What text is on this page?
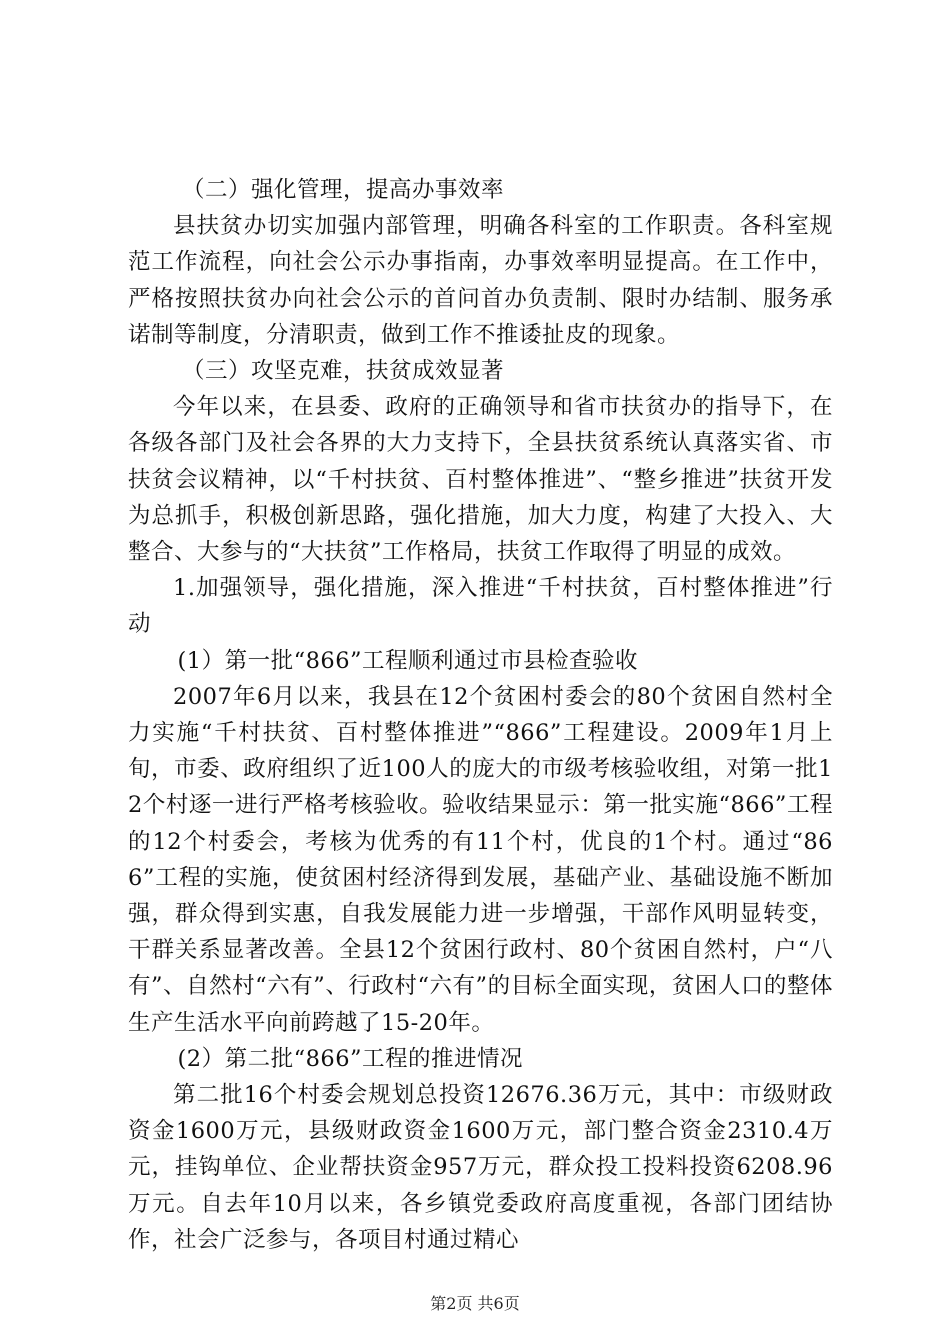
（二）强化管理，提高办事效率

县扶贫办切实加强内部管理，明确各科室的工作职责。各科室规范工作流程，向社会公示办事指南，办事效率明显提高。在工作中，严格按照扶贫办向社会公示的首问首办负责制、限时办结制、服务承诺制等制度，分清职责，做到工作不推诿扯皮的现象。

（三）攻坚克难，扶贫成效显著

今年以来，在县委、政府的正确领导和省市扶贫办的指导下，在各级各部门及社会各界的大力支持下，全县扶贫系统认真落实省、市扶贫会议精神，以“千村扶贫、百村整体推进”、“整乡推进”扶贫开发为总抓手，积极创新思路，强化措施，加大力度，构建了大投入、大整合、大参与的“大扶贫”工作格局，扶贫工作取得了明显的成效。

1.加强领导，强化措施，深入推进“千村扶贫，百村整体推进”行动

(1）第一批“866”工程顺利通过市县检查验收

2007年6月以来，我县在12个贫困村委会的80个贫困自然村全力实施“千村扶贫、百村整体推进”“866”工程建设。2009年1月上旬，市委、政府组织了近100人的庞大的市级考核验收组，对第一批12个村逐一进行严格考核验收。验收结果显示：第一批实施“866”工程的12个村委会，考核为优秀的有11个村，优良的1个村。通过“866”工程的实施，使贫困村经济得到发展，基础产业、基础设施不断加强，群众得到实惠，自我发展能力进一步增强，干部作风明显转变，干群关系显著改善。全县12个贫困行政村、80个贫困自然村，户“八有”、自然村“六有”、行政村“六有”的目标全面实现，贫困人口的整体生产生活水平向前跨越了15-20年。

(2）第二批“866”工程的推进情况

第二批16个村委会规划总投资12676.36万元，其中：市级财政资金1600万元，县级财政资金1600万元，部门整合资金2310.4万元，挂钩单位、企业帮扶资金957万元，群众投工投料投资6208.96万元。自去年10月以来，各乡镇党委政府高度重视，各部门团结协作，社会广泛参与，各项目村通过精心

第2页 共6页
